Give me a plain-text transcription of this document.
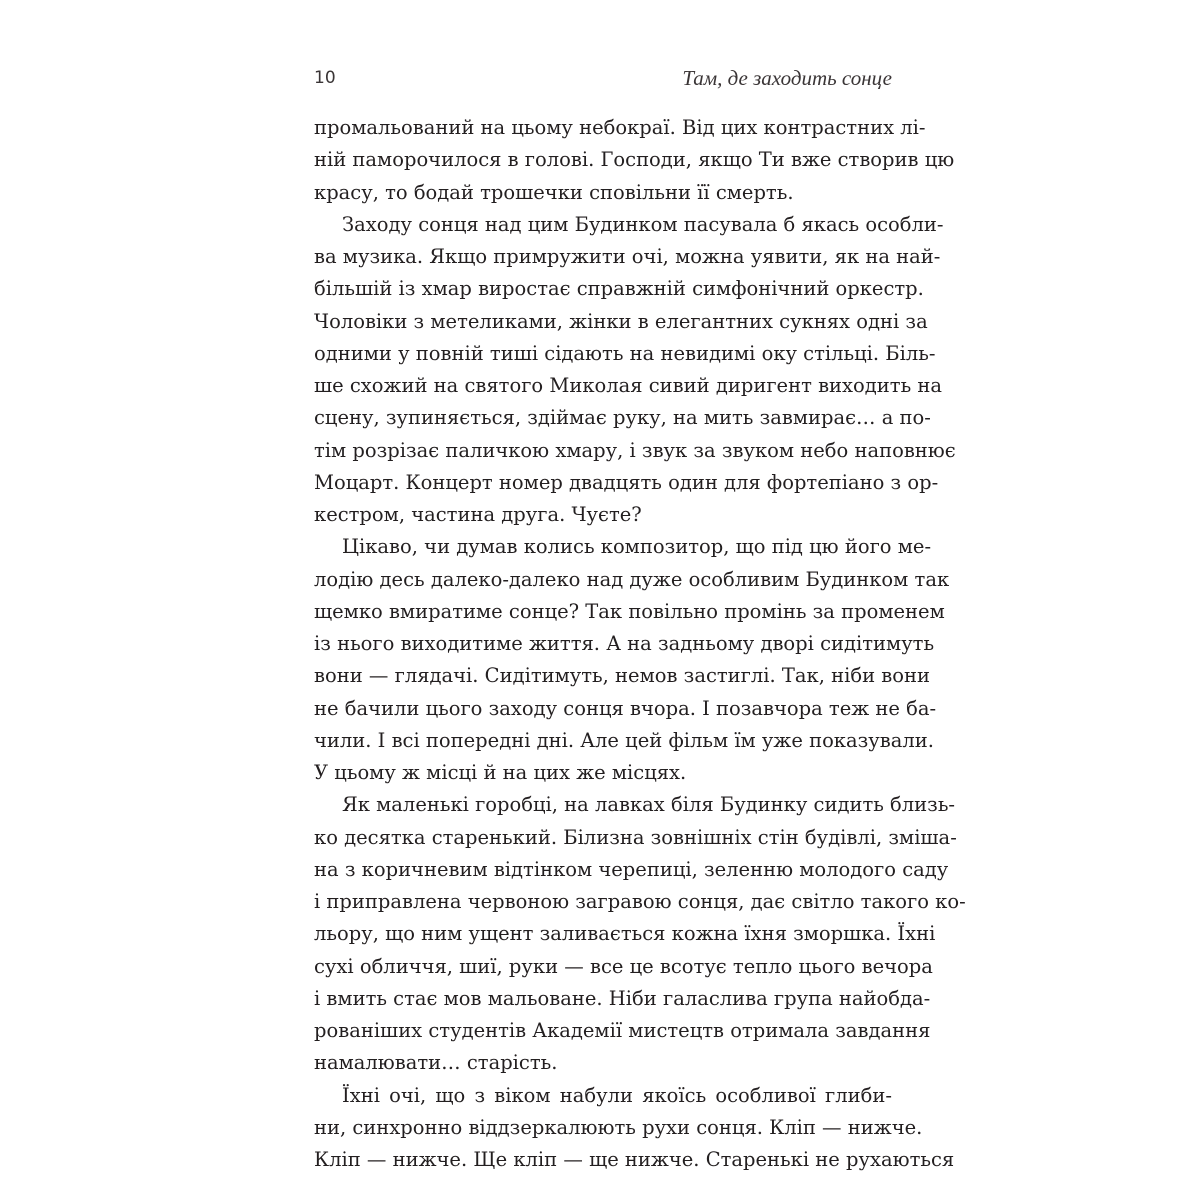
10	Там, де заходить сонце
промальований на цьому небокраї. Від цих контрастних лі-
ній паморочилося в голові. Господи, якщо Ти вже створив цю
красу, то бодай трошечки сповільни її смерть.
Заходу сонця над цим Будинком пасувала б якась особли-
ва музика. Якщо примружити очі, можна уявити, як на най-
більшій із хмар виростає справжній симфонічний оркестр.
Чоловіки з метеликами, жінки в елегантних сукнях одні за
одними у повній тиші сідають на невидимі оку стільці. Біль-
ше схожий на святого Миколая сивий диригент виходить на
сцену, зупиняється, здіймає руку, на мить завмирає… а по-
тім розрізає паличкою хмару, і звук за звуком небо наповнює
Моцарт. Концерт номер двадцять один для фортепіано з ор-
кестром, частина друга. Чуєте?
Цікаво, чи думав колись композитор, що під цю його ме-
лодію десь далеко-далеко над дуже особливим Будинком так
щемко вмиратиме сонце? Так повільно промінь за променем
із нього виходитиме життя. А на задньому дворі сидітимуть
вони — глядачі. Сидітимуть, немов застиглі. Так, ніби вони
не бачили цього заходу сонця вчора. І позавчора теж не ба-
чили. І всі попередні дні. Але цей фільм їм уже показували.
У цьому ж місці й на цих же місцях.
Як маленькі горобці, на лавках біля Будинку сидить близь-
ко десятка старенький. Білизна зовнішніх стін будівлі, зміша-
на з коричневим відтінком черепиці, зеленню молодого саду
і приправлена червоною загравою сонця, дає світло такого ко-
льору, що ним ущент заливається кожна їхня зморшка. Їхні
сухі обличчя, шиї, руки — все це всотує тепло цього вечора
і вмить стає мов мальоване. Ніби галаслива група найобда-
рованіших студентів Академії мистецтв отримала завдання
намалювати… старість.
Їхні очі, що з віком набули якоїсь особливої глиби-
ни, синхронно віддзеркалюють рухи сонця. Кліп — нижче.
Кліп — нижче. Ще кліп — ще нижче. Старенькі не рухаються
